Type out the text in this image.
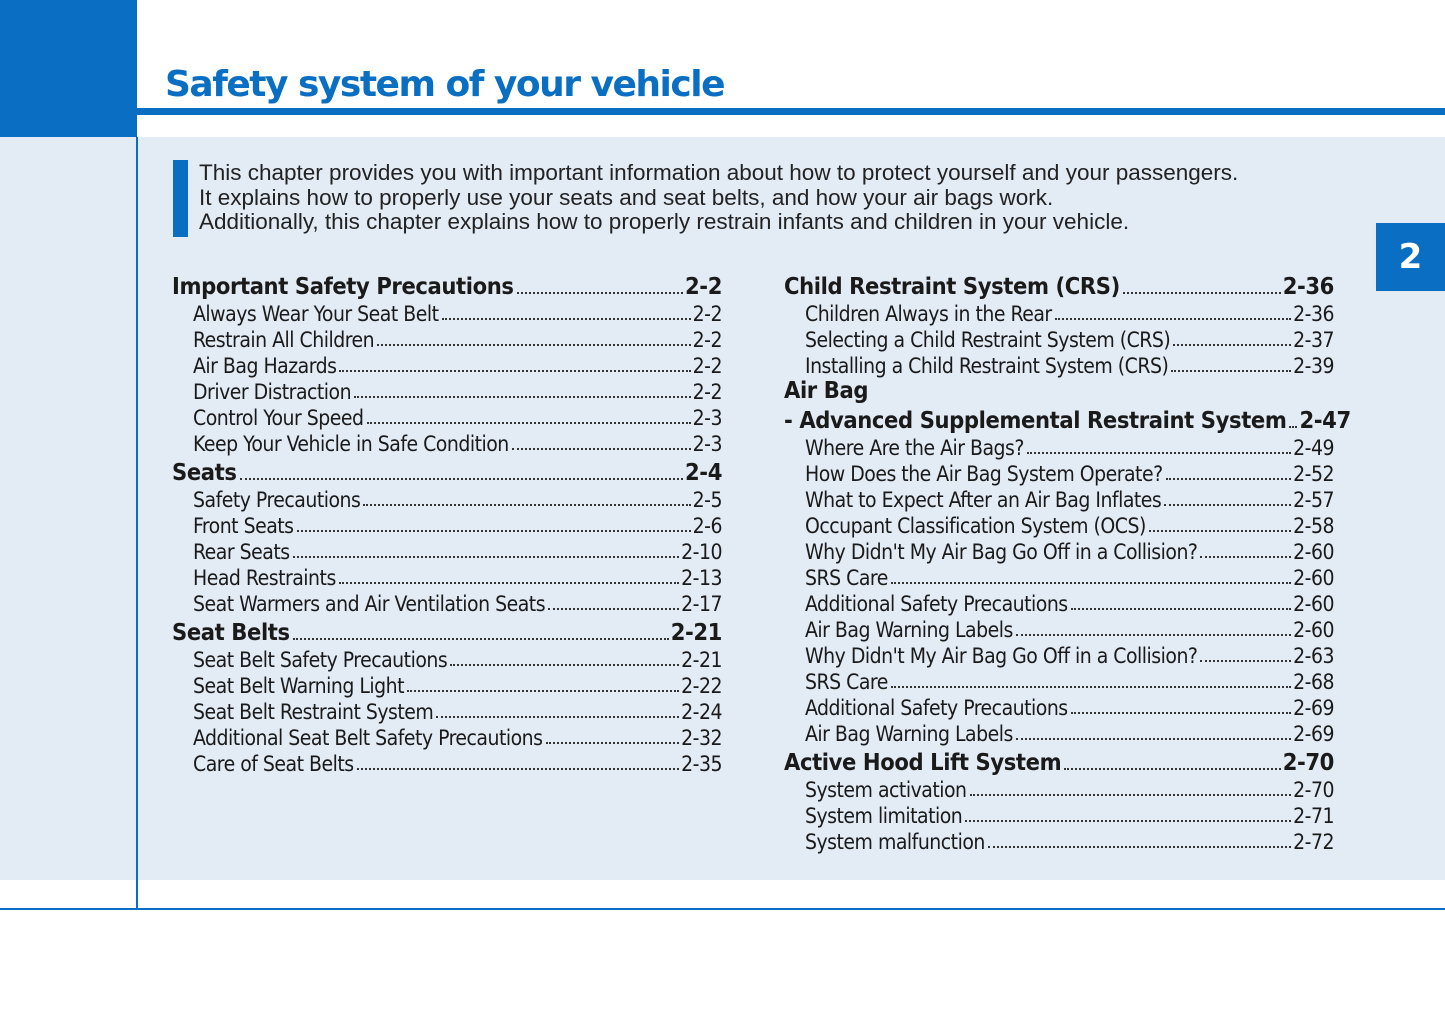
Safety system of your vehicle
2
This chapter provides you with important information about how to protect yourself and your passengers.
It explains how to properly use your seats and seat belts, and how your air bags work.
Additionally, this chapter explains how to properly restrain infants and children in your vehicle.
Important Safety Precautions	2-2
Always Wear Your Seat Belt	2-2
Restrain All Children	2-2
Air Bag Hazards	2-2
Driver Distraction	2-2
Control Your Speed	2-3
Keep Your Vehicle in Safe Condition	2-3
Seats	2-4
Safety Precautions	2-5
Front Seats	2-6
Rear Seats	2-10
Head Restraints	2-13
Seat Warmers and Air Ventilation Seats	2-17
Seat Belts	2-21
Seat Belt Safety Precautions	2-21
Seat Belt Warning Light	2-22
Seat Belt Restraint System	2-24
Additional Seat Belt Safety Precautions	2-32
Care of Seat Belts	2-35
Child Restraint System (CRS)	2-36
Children Always in the Rear	2-36
Selecting a Child Restraint System (CRS)	2-37
Installing a Child Restraint System (CRS)	2-39
Air Bag
- Advanced Supplemental Restraint System 2-47
Where Are the Air Bags?	2-49
How Does the Air Bag System Operate?	2-52
What to Expect After an Air Bag Inflates	2-57
Occupant Classification System (OCS)	2-58
Why Didn't My Air Bag Go Off in a Collision?	2-60
SRS Care	2-60
Additional Safety Precautions	2-60
Air Bag Warning Labels	2-60
Why Didn't My Air Bag Go Off in a Collision?	2-63
SRS Care	2-68
Additional Safety Precautions	2-69
Air Bag Warning Labels	2-69
Active Hood Lift System	2-70
System activation	2-70
System limitation	2-71
System malfunction	2-72
